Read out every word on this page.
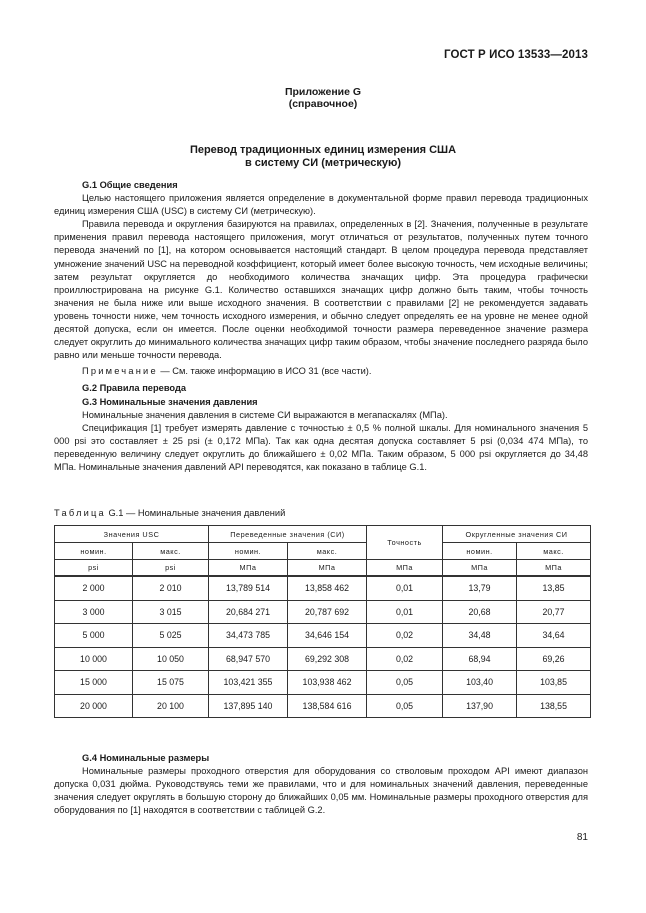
ГОСТ Р ИСО 13533—2013
Приложение G
(справочное)
Перевод традиционных единиц измерения США
в систему СИ (метрическую)
G.1 Общие сведения

Целью настоящего приложения является определение в документальной форме правил перевода традиционных единиц измерения США (USC) в систему СИ (метрическую).

Правила перевода и округления базируются на правилах, определенных в [2]. Значения, полученные в результате применения правил перевода настоящего приложения, могут отличаться от результатов, полученных путем точного перевода значений по [1], на котором основывается настоящий стандарт. В целом процедура перевода представляет умножение значений USC на переводной коэффициент, который имеет более высокую точность, чем исходные величины; затем результат округляется до необходимого количества значащих цифр. Эта процедура графически проиллюстрирована на рисунке G.1. Количество оставшихся значащих цифр должно быть таким, чтобы точность значения не была ниже или выше исходного значения. В соответствии с правилами [2] не рекомендуется задавать уровень точности ниже, чем точность исходного измерения, и обычно следует определять ее на уровне не менее одной десятой допуска, если он имеется. После оценки необходимой точности размера переведенное значение размера следует округлить до минимального количества значащих цифр таким образом, чтобы значение последнего разряда было равно или меньше точности перевода.

Примечание — См. также информацию в ИСО 31 (все части).
G.2 Правила перевода
G.3 Номинальные значения давления

Номинальные значения давления в системе СИ выражаются в мегапаскалях (МПа).

Спецификация [1] требует измерять давление с точностью ± 0,5 % полной шкалы. Для номинального значения 5 000 psi это составляет ± 25 psi (± 0,172 МПа). Так как одна десятая допуска составляет 5 psi (0,034 474 МПа), то переведенную величину следует округлить до ближайшего ± 0,02 МПа. Таким образом, 5 000 psi округляется до 34,48 МПа. Номинальные значения давлений API переводятся, как показано в таблице G.1.

Таблица G.1 — Номинальные значения давлений
Значения USC		Переведенные значения (СИ)		Точность	Округленные значения СИ	
номин.	макс.	номин.	макс.		номин.	макс.
psi	psi	МПа	МПа	МПа	МПа	МПа
2 000	2 010	13,789 514	13,858 462	0,01	13,79	13,85
3 000	3 015	20,684 271	20,787 692	0,01	20,68	20,77
5 000	5 025	34,473 785	34,646 154	0,02	34,48	34,64
10 000	10 050	68,947 570	69,292 308	0,02	68,94	69,26
15 000	15 075	103,421 355	103,938 462	0,05	103,40	103,85
20 000	20 100	137,895 140	138,584 616	0,05	137,90	138,55
G.4 Номинальные размеры

Номинальные размеры проходного отверстия для оборудования со стволовым проходом API имеют диапазон допуска 0,031 дюйма. Руководствуясь теми же правилами, что и для номинальных значений давления, переведенные значения следует округлять в большую сторону до ближайших 0,05 мм. Номинальные размеры проходного отверстия для оборудования по [1] находятся в соответствии с таблицей G.2.

81
